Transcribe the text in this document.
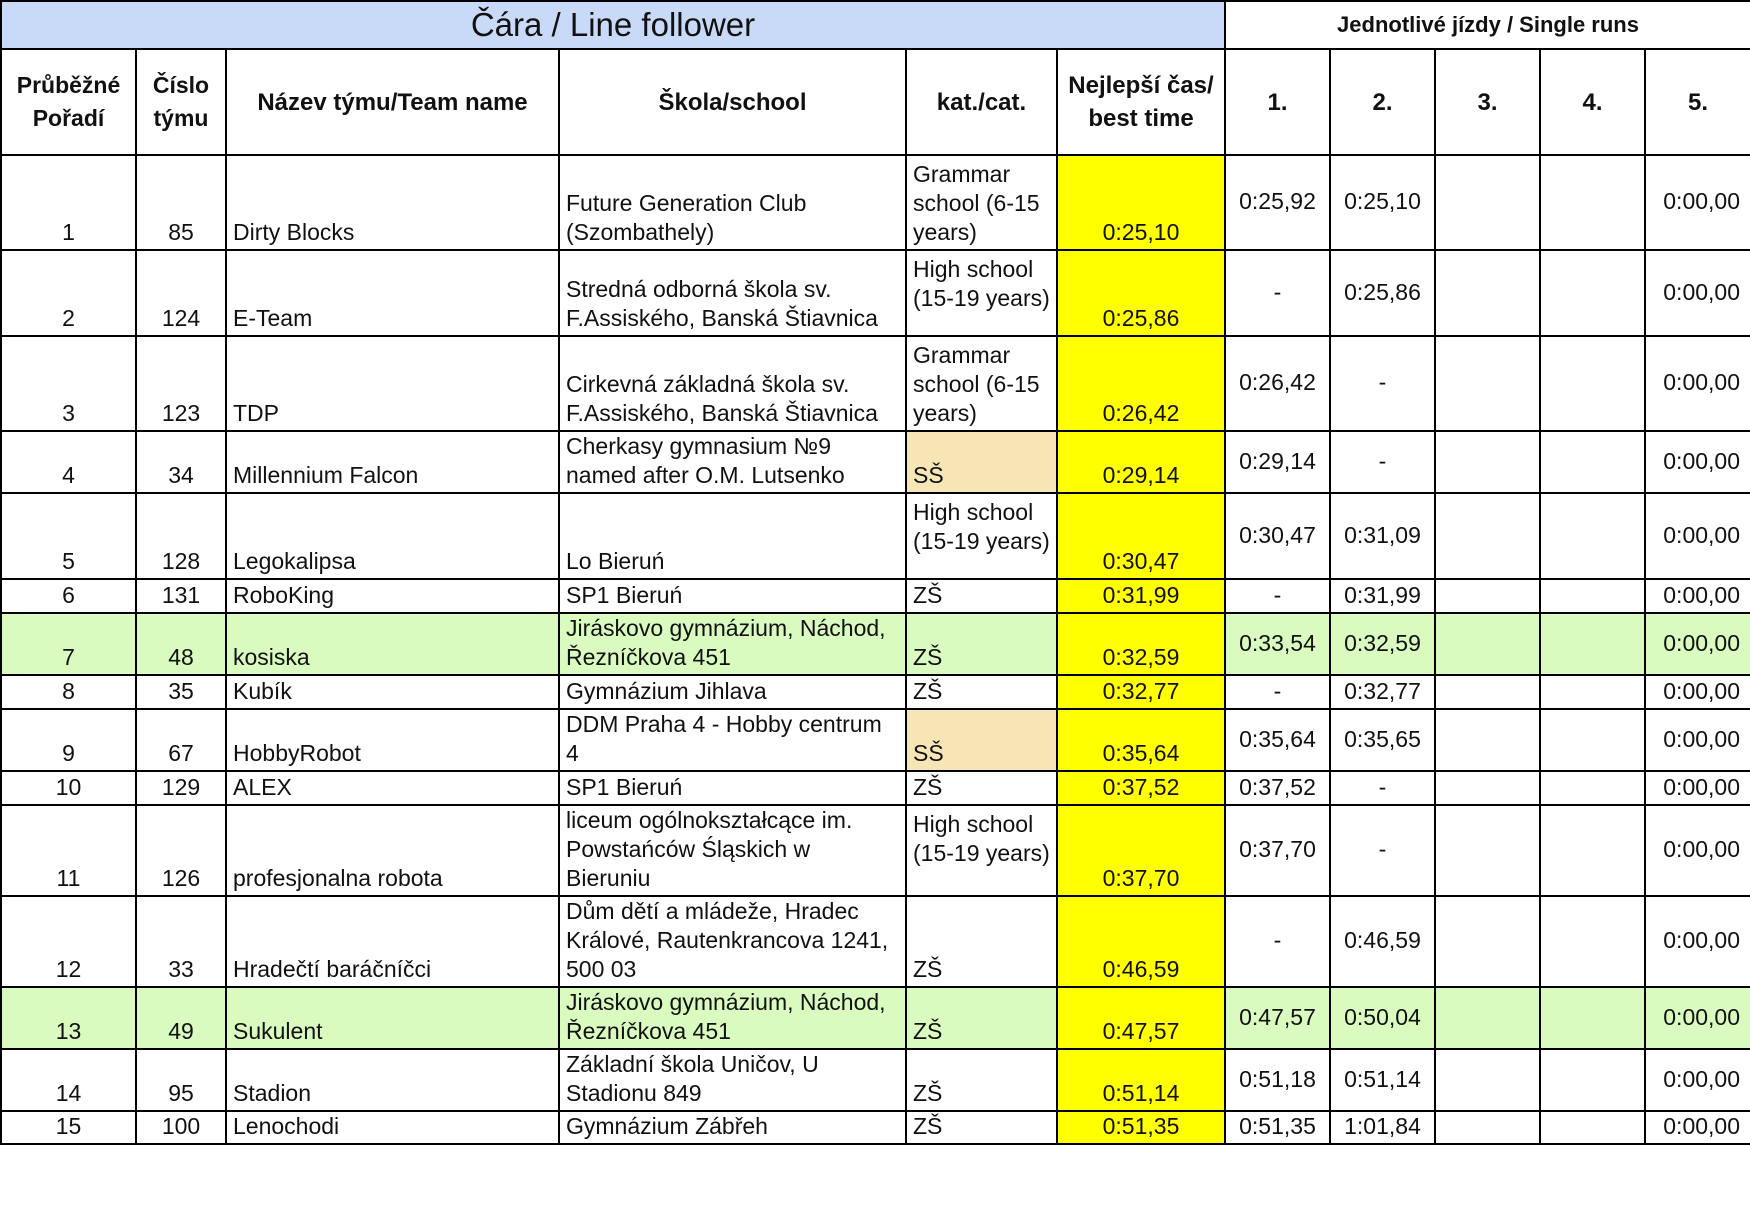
Čára / Line follower						Jednotlivé jízdy / Single runs				
Průběžné Pořadí	Číslo týmu	Název týmu/Team name	Škola/school	kat./cat.	Nejlepší čas/ best time	1.	2.	3.	4.	5.
1	85	Dirty Blocks	Future Generation Club (Szombathely)	Grammar school (6-15 years)	0:25,10	0:25,92	0:25,10			0:00,00
2	124	E-Team	Stredná odborná škola sv. F.Assiského, Banská Štiavnica	High school (15-19 years)	0:25,86	-	0:25,86			0:00,00
3	123	TDP	Cirkevná základná škola sv. F.Assiského, Banská Štiavnica	Grammar school (6-15 years)	0:26,42	0:26,42	-			0:00,00
4	34	Millennium Falcon	Cherkasy gymnasium №9 named after O.M. Lutsenko	SŠ	0:29,14	0:29,14	-			0:00,00
5	128	Legokalipsa	Lo Bieruń	High school (15-19 years)	0:30,47	0:30,47	0:31,09			0:00,00
6	131	RoboKing	SP1 Bieruń	ZŠ	0:31,99	-	0:31,99			0:00,00
7	48	kosiska	Jiráskovo gymnázium, Náchod, Řezníčkova 451	ZŠ	0:32,59	0:33,54	0:32,59			0:00,00
8	35	Kubík	Gymnázium Jihlava	ZŠ	0:32,77	-	0:32,77			0:00,00
9	67	HobbyRobot	DDM Praha 4 - Hobby centrum 4	SŠ	0:35,64	0:35,64	0:35,65			0:00,00
10	129	ALEX	SP1 Bieruń	ZŠ	0:37,52	0:37,52	-			0:00,00
11	126	profesjonalna robota	liceum ogólnokształcące im. Powstańców Śląskich w Bieruniu	High school (15-19 years)	0:37,70	0:37,70	-			0:00,00
12	33	Hradečtí baráčníčci	Dům dětí a mládeže, Hradec Králové, Rautenkrancova 1241, 500 03	ZŠ	0:46,59	-	0:46,59			0:00,00
13	49	Sukulent	Jiráskovo gymnázium, Náchod, Řezníčkova 451	ZŠ	0:47,57	0:47,57	0:50,04			0:00,00
14	95	Stadion	Základní škola Uničov, U Stadionu 849	ZŠ	0:51,14	0:51,18	0:51,14			0:00,00
15	100	Lenochodi	Gymnázium Zábřeh	ZŠ	0:51,35	0:51,35	1:01,84			0:00,00
